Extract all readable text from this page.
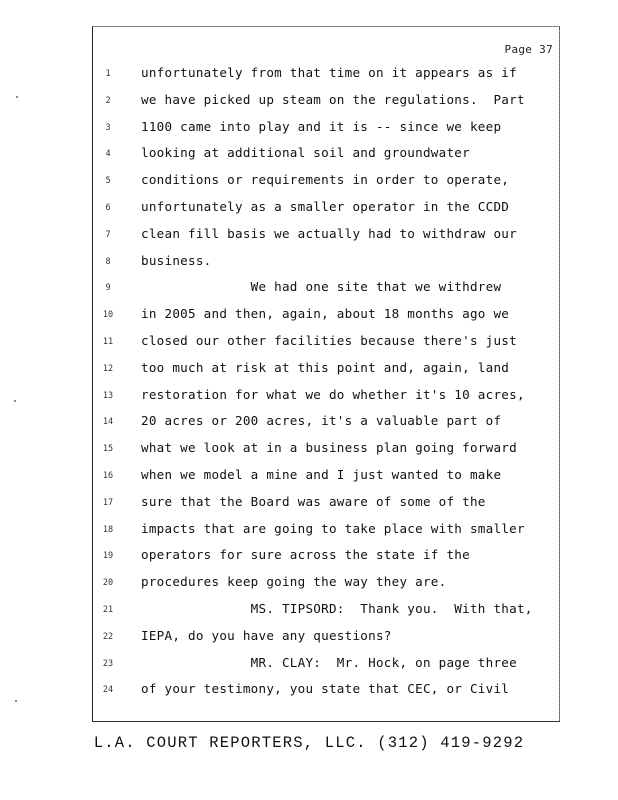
Page 37
1	unfortunately from that time on it appears as if
2	we have picked up steam on the regulations.  Part
3	1100 came into play and it is -- since we keep
4	looking at additional soil and groundwater
5	conditions or requirements in order to operate,
6	unfortunately as a smaller operator in the CCDD
7	clean fill basis we actually had to withdraw our
8	business.
9	We had one site that we withdrew
10	in 2005 and then, again, about 18 months ago we
11	closed our other facilities because there's just
12	too much at risk at this point and, again, land
13	restoration for what we do whether it's 10 acres,
14	20 acres or 200 acres, it's a valuable part of
15	what we look at in a business plan going forward
16	when we model a mine and I just wanted to make
17	sure that the Board was aware of some of the
18	impacts that are going to take place with smaller
19	operators for sure across the state if the
20	procedures keep going the way they are.
21	MS. TIPSORD:  Thank you.  With that,
22	IEPA, do you have any questions?
23	MR. CLAY:  Mr. Hock, on page three
24	of your testimony, you state that CEC, or Civil
L.A. COURT REPORTERS, LLC. (312) 419-9292
